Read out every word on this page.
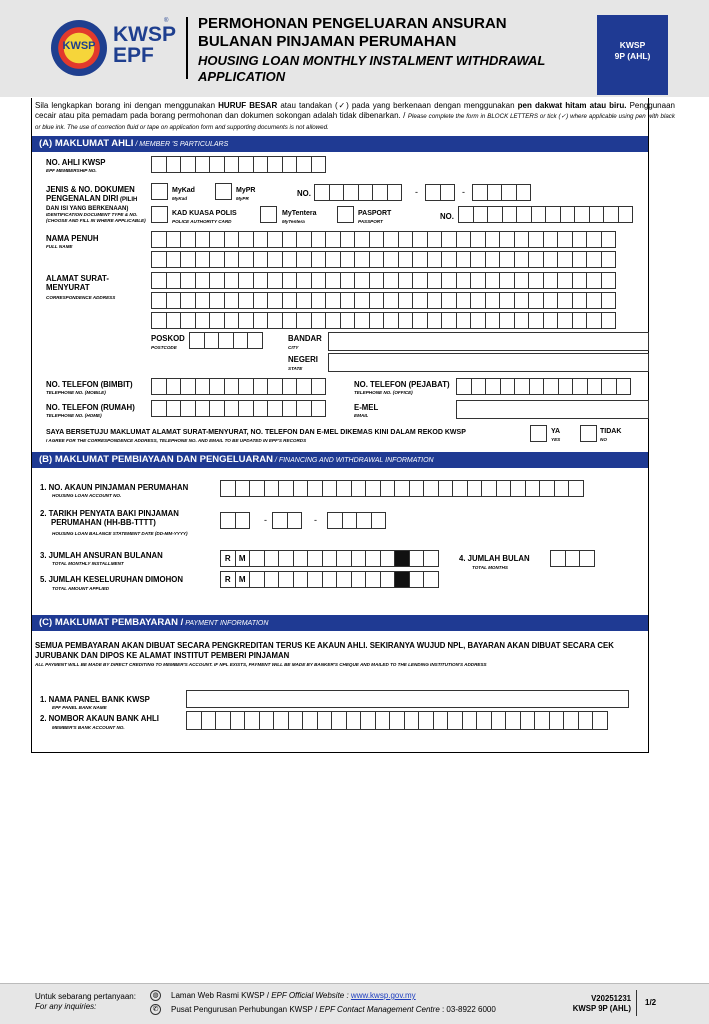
KWSP KWSP
EPF
® PERMOHONAN PENGELUARAN ANSURAN
BULANAN PINJAMAN PERUMAHAN
HOUSING LOAN MONTHLY INSTALMENT WITHDRAWAL
APPLICATION
KWSP
9P (AHL)
Sila lengkapkan borang ini dengan menggunakan HURUF BESAR atau tandakan (✓) pada yang berkenaan dengan menggunakan pen dakwat hitam atau biru. Penggunaan cecair atau pita pemadam pada borang permohonan dan dokumen sokongan adalah tidak dibenarkan. / Please complete the form in BLOCK LETTERS or tick (✓) where applicable using pen with black or blue ink. The use of correction fluid or tape on application form and supporting documents is not allowed.
(A) MAKLUMAT AHLI / MEMBER 'S PARTICULARS
NO. AHLI KWSP
EPF MEMBERSHIP NO.
JENIS & NO. DOKUMEN
PENGENALAN DIRI (PILIH
DAN ISI YANG BERKENAAN)
IDENTIFICATION DOCUMENT TYPE & NO.
(CHOOSE AND FILL IN WHERE APPLICABLE)
MyKad
MyKad
MyPR
MyPR
NO.	-	-
KAD KUASA POLIS
POLICE AUTHORITY CARD
MyTentera
MyTentera
PASPORT
PASSPORT
NO.
NAMA PENUH
FULL NAME
ALAMAT SURAT-
MENYURAT
CORRESPONDENCE ADDRESS
POSKOD
POSTCODE
BANDAR
CITY
NEGERI
STATE
NO. TELEFON (BIMBIT)
TELEPHONE NO. (MOBILE)
NO. TELEFON (PEJABAT)
TELEPHONE NO. (OFFICE)
NO. TELEFON (RUMAH)
TELEPHONE NO. (HOME)
E-MEL
EMAIL
SAYA BERSETUJU MAKLUMAT ALAMAT SURAT-MENYURAT, NO. TELEFON DAN E-MEL DIKEMAS KINI DALAM REKOD KWSP
I AGREE FOR THE CORRESPONDENCE ADDRESS, TELEPHONE NO. AND EMAIL TO BE UPDATED IN EPF'S RECORDS
YA
YES
TIDAK
NO
(B) MAKLUMAT PEMBIAYAAN DAN PENGELUARAN / FINANCING AND WITHDRAWAL INFORMATION
1. NO. AKAUN PINJAMAN PERUMAHAN
HOUSING LOAN ACCOUNT NO.
2. TARIKH PENYATA BAKI PINJAMAN
PERUMAHAN (HH-BB-TTTT)
HOUSING LOAN BALANCE STATEMENT DATE (DD-MM-YYYY)
-	-
3. JUMLAH ANSURAN BULANAN
TOTAL MONTHLY INSTALLMENT
R	M	4. JUMLAH BULAN
TOTAL MONTHS
5. JUMLAH KESELURUHAN DIMOHON
TOTAL AMOUNT APPLIED
R	M
(C) MAKLUMAT PEMBAYARAN / PAYMENT INFORMATION
SEMUA PEMBAYARAN AKAN DIBUAT SECARA PENGKREDITAN TERUS KE AKAUN AHLI. SEKIRANYA WUJUD NPL, BAYARAN AKAN DIBUAT SECARA CEK JURUBANK DAN DIPOS KE ALAMAT INSTITUT PEMBERI PINJAMAN
ALL PAYMENT WILL BE MADE BY DIRECT CREDITING TO MEMBER'S ACCOUNT. IF NPL EXISTS, PAYMENT WILL BE MADE BY BANKER'S CHEQUE AND MAILED TO THE LENDING INSTITUTION'S ADDRESS
1. NAMA PANEL BANK KWSP
EPF PANEL BANK NAME
2. NOMBOR AKAUN BANK AHLI
MEMBER'S BANK ACCOUNT NO.
Untuk sebarang pertanyaan:
For any inquiries:
◍	Laman Web Rasmi KWSP / EPF Official Website : www.kwsp.gov.my
✆	Pusat Pengurusan Perhubungan KWSP / EPF Contact Management Centre : 03-8922 6000
V20251231
KWSP 9P (AHL)
1/2
